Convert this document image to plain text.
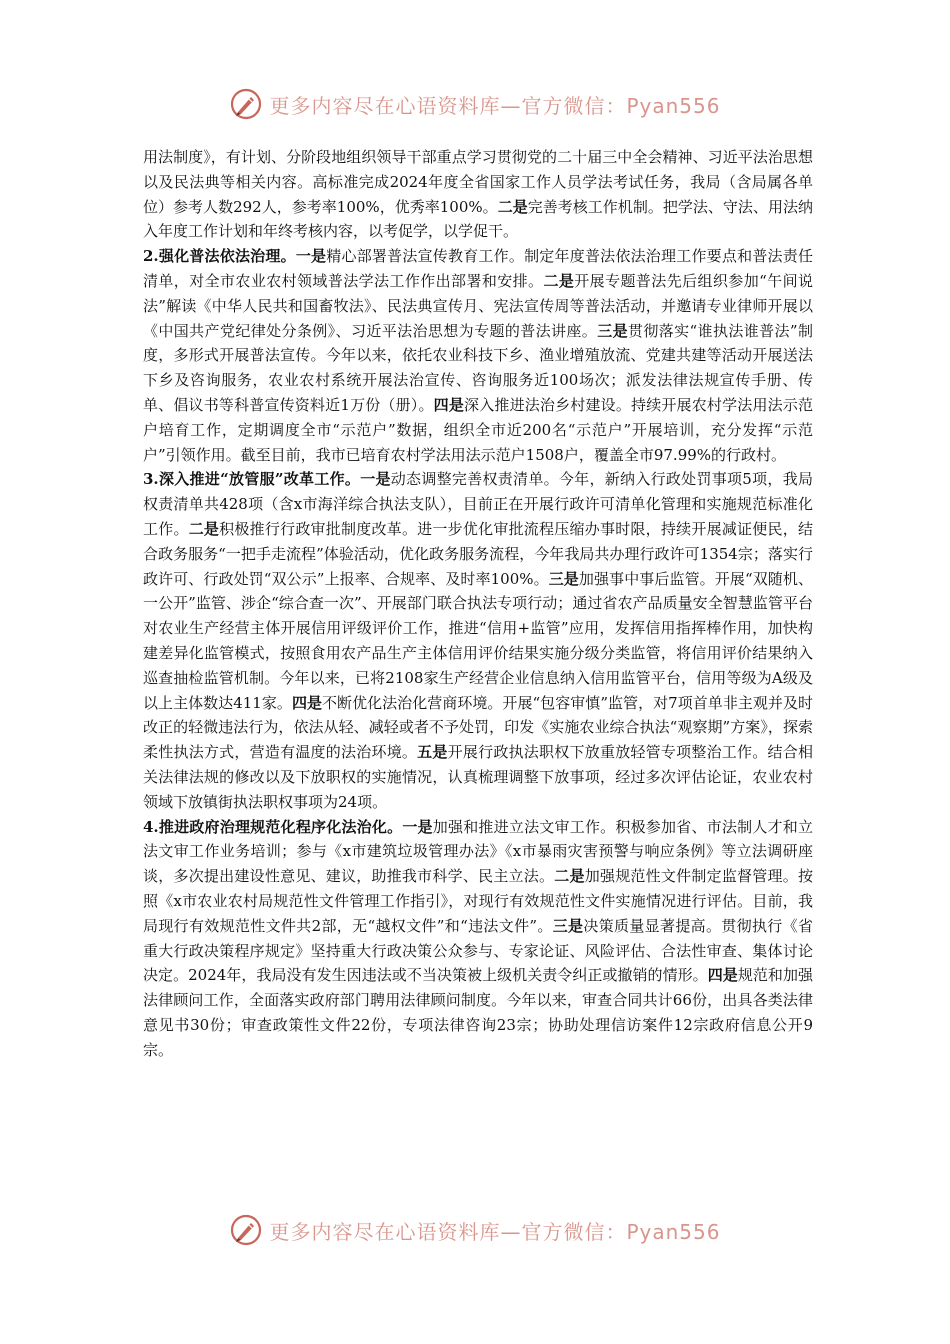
更多内容尽在心语资料库—官方微信：Pyan556

用法制度》，有计划、分阶段地组织领导干部重点学习贯彻党的二十届三中全会精神、习近平法治思想以及民法典等相关内容。高标准完成2024年度全省国家工作人员学法考试任务，我局（含局属各单位）参考人数292人，参考率100%，优秀率100%。二是完善考核工作机制。把学法、守法、用法纳入年度工作计划和年终考核内容，以考促学，以学促干。

2.强化普法依法治理。一是精心部署普法宣传教育工作。制定年度普法依法治理工作要点和普法责任清单，对全市农业农村领域普法学法工作作出部署和安排。二是开展专题普法先后组织参加“午间说法”解读《中华人民共和国畜牧法》、民法典宣传月、宪法宣传周等普法活动，并邀请专业律师开展以《中国共产党纪律处分条例》、习近平法治思想为专题的普法讲座。三是贯彻落实“谁执法谁普法”制度，多形式开展普法宣传。今年以来，依托农业科技下乡、渔业增殖放流、党建共建等活动开展送法下乡及咨询服务，农业农村系统开展法治宣传、咨询服务近100场次；派发法律法规宣传手册、传单、倡议书等科普宣传资料近1万份（册）。四是深入推进法治乡村建设。持续开展农村学法用法示范户培育工作，定期调度全市“示范户”数据，组织全市近200名“示范户”开展培训，充分发挥“示范户”引领作用。截至目前，我市已培育农村学法用法示范户1508户，覆盖全市97.99%的行政村。

3.深入推进“放管服”改革工作。一是动态调整完善权责清单。今年，新纳入行政处罚事项5项，我局权责清单共428项（含x市海洋综合执法支队），目前正在开展行政许可清单化管理和实施规范标准化工作。二是积极推行行政审批制度改革。进一步优化审批流程压缩办事时限，持续开展减证便民，结合政务服务“一把手走流程”体验活动，优化政务服务流程，今年我局共办理行政许可1354宗；落实行政许可、行政处罚“双公示”上报率、合规率、及时率100%。三是加强事中事后监管。开展“双随机、一公开”监管、涉企“综合查一次”、开展部门联合执法专项行动；通过省农产品质量安全智慧监管平台对农业生产经营主体开展信用评级评价工作，推进“信用+监管”应用，发挥信用指挥棒作用，加快构建差异化监管模式，按照食用农产品生产主体信用评价结果实施分级分类监管，将信用评价结果纳入巡查抽检监管机制。今年以来，已将2108家生产经营企业信息纳入信用监管平台，信用等级为A级及以上主体数达411家。四是不断优化法治化营商环境。开展“包容审慎”监管，对7项首单非主观并及时改正的轻微违法行为，依法从轻、减轻或者不予处罚，印发《实施农业综合执法“观察期”方案》，探索柔性执法方式，营造有温度的法治环境。五是开展行政执法职权下放重放轻管专项整治工作。结合相关法律法规的修改以及下放职权的实施情况，认真梳理调整下放事项，经过多次评估论证，农业农村领域下放镇街执法职权事项为24项。

4.推进政府治理规范化程序化法治化。一是加强和推进立法文审工作。积极参加省、市法制人才和立法文审工作业务培训；参与《x市建筑垃圾管理办法》《x市暴雨灾害预警与响应条例》等立法调研座谈，多次提出建设性意见、建议，助推我市科学、民主立法。二是加强规范性文件制定监督管理。按照《x市农业农村局规范性文件管理工作指引》，对现行有效规范性文件实施情况进行评估。目前，我局现行有效规范性文件共2部，无“越权文件”和“违法文件”。三是决策质量显著提高。贯彻执行《省重大行政决策程序规定》坚持重大行政决策公众参与、专家论证、风险评估、合法性审查、集体讨论决定。2024年，我局没有发生因违法或不当决策被上级机关责令纠正或撤销的情形。四是规范和加强法律顾问工作，全面落实政府部门聘用法律顾问制度。今年以来，审查合同共计66份，出具各类法律意见书30份；审查政策性文件22份，专项法律咨询23宗；协助处理信访案件12宗政府信息公开9宗。

更多内容尽在心语资料库—官方微信：Pyan556
